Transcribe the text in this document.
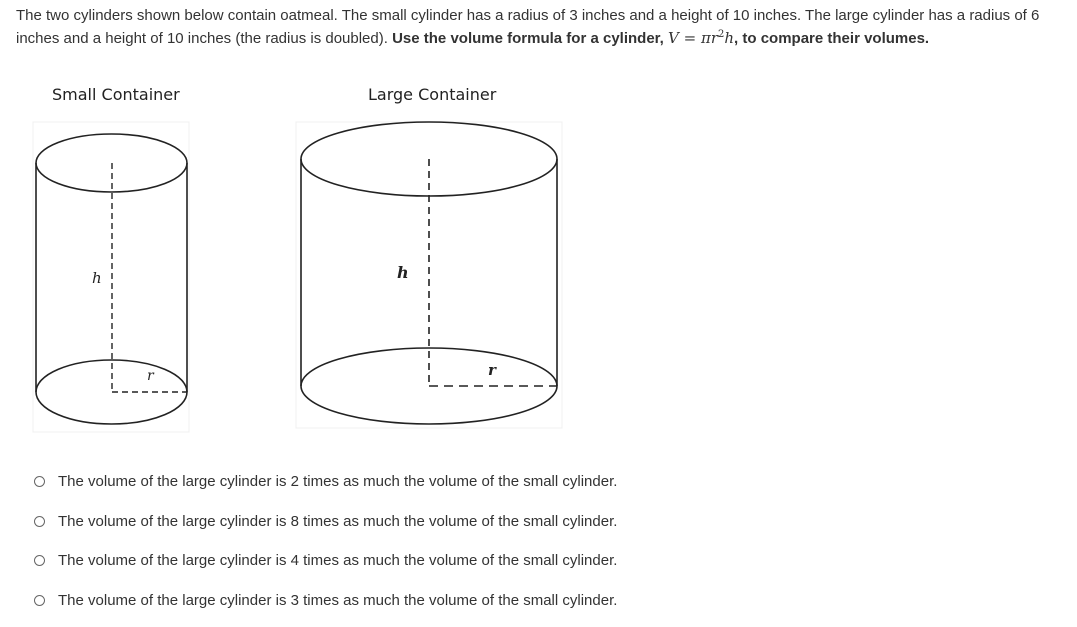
The two cylinders shown below contain oatmeal. The small cylinder has a radius of 3 inches and a height of 10 inches. The large cylinder has a radius of 6 inches and a height of 10 inches (the radius is doubled). Use the volume formula for a cylinder, $V = \pi r^2h$, to compare their volumes.
Small Container	Large Container
h
r
h
r
The volume of the large cylinder is 2 times as much the volume of the small cylinder.
The volume of the large cylinder is 8 times as much the volume of the small cylinder.
The volume of the large cylinder is 4 times as much the volume of the small cylinder.
The volume of the large cylinder is 3 times as much the volume of the small cylinder.
